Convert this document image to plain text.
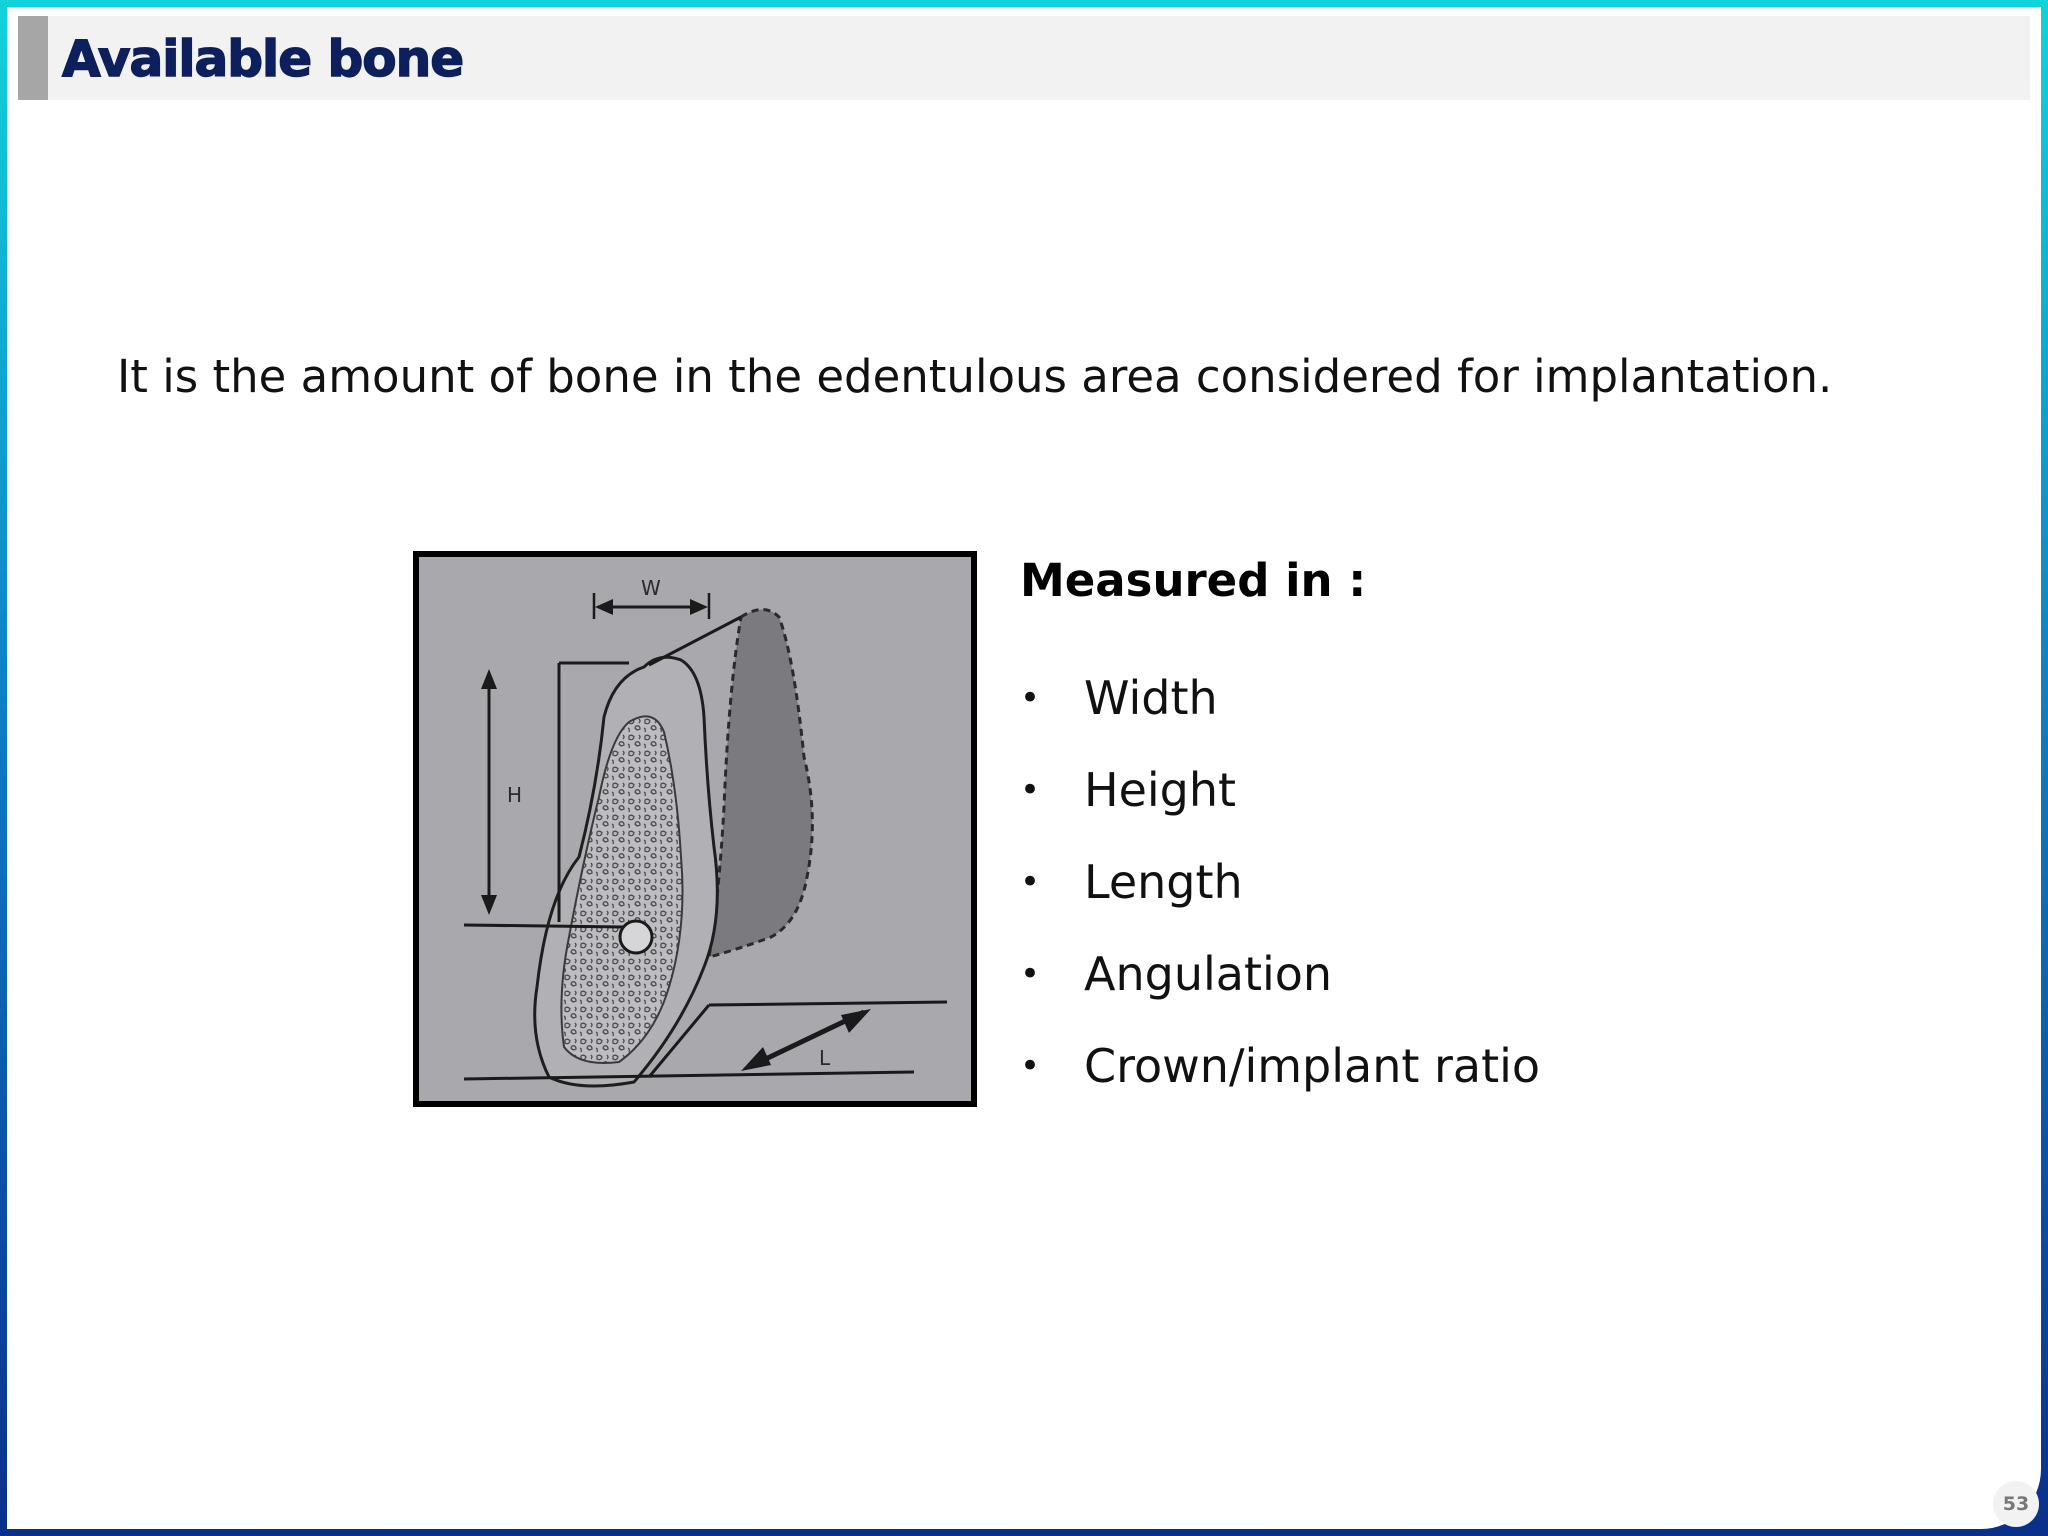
Available bone
It is the amount of bone in the edentulous area considered for implantation.
H
W
L
Measured in :
• Width
• Height
• Length
• Angulation
• Crown/implant ratio
53
